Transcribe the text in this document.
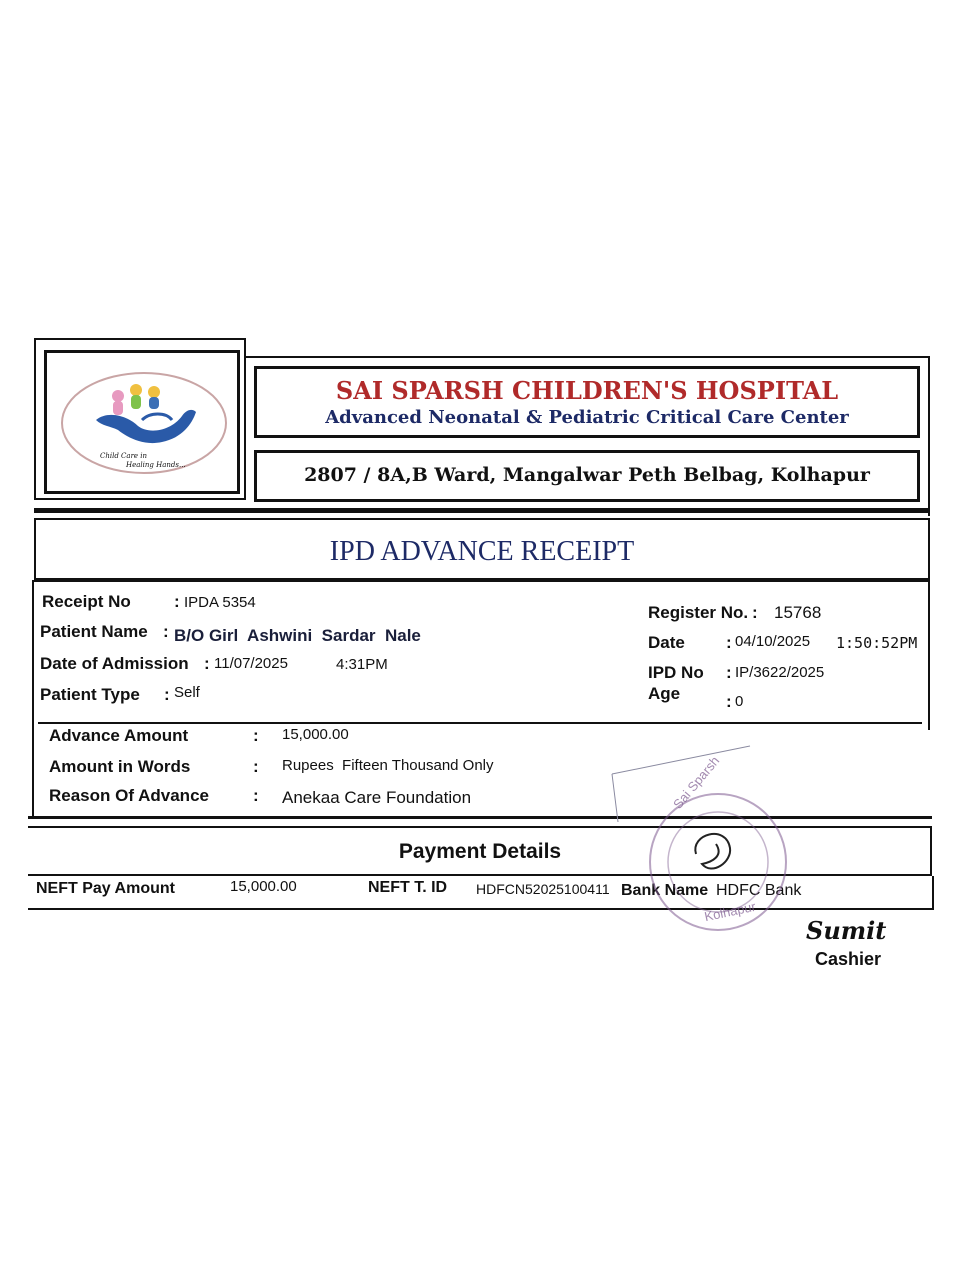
Child Care in
Healing Hands...
SAI SPARSH CHILDREN'S HOSPITAL
Advanced Neonatal & Pediatric Critical Care Center
2807 / 8A,B Ward, Mangalwar Peth Belbag, Kolhapur
IPD ADVANCE RECEIPT
Receipt No	: IPDA 5354
Patient Name : B/O Girl  Ashwini  Sardar  Nale
Date of Admission : 11/07/2025	4:31PM
Patient Type : Self
Register No. : 15768
Date : 04/10/2025 1:50:52PM
IPD No : IP/3622/2025
Age	: 0
Advance Amount	: 15,000.00
Amount in Words	: Rupees  Fifteen Thousand Only
Reason Of Advance	: Anekaa Care Foundation
Payment Details
NEFT Pay Amount	15,000.00	NEFT T. ID HDFCN52025100411 Bank Name HDFC Bank
Sai Sparsh
Kolhapur
Sumit
Cashier
